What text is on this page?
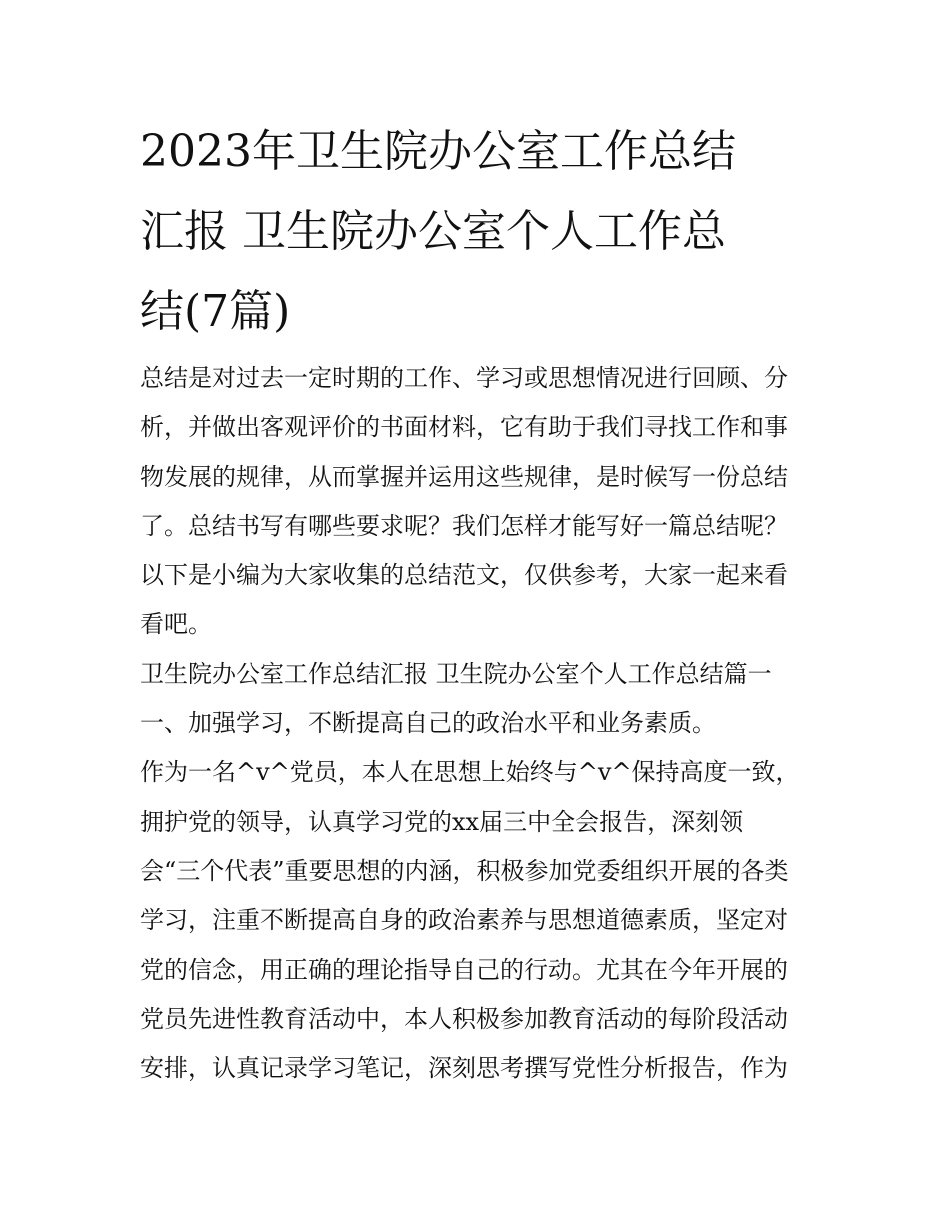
2023年卫生院办公室工作总结
汇报 卫生院办公室个人工作总
结(7篇)
总结是对过去一定时期的工作、学习或思想情况进行回顾、分
析，并做出客观评价的书面材料，它有助于我们寻找工作和事
物发展的规律，从而掌握并运用这些规律，是时候写一份总结
了。总结书写有哪些要求呢？我们怎样才能写好一篇总结呢？
以下是小编为大家收集的总结范文，仅供参考，大家一起来看
看吧。
卫生院办公室工作总结汇报 卫生院办公室个人工作总结篇一
一、加强学习，不断提高自己的政治水平和业务素质。
作为一名^v^党员，本人在思想上始终与^v^保持高度一致，
拥护党的领导，认真学习党的xx届三中全会报告，深刻领
会“三个代表”重要思想的内涵，积极参加党委组织开展的各类
学习，注重不断提高自身的政治素养与思想道德素质，坚定对
党的信念，用正确的理论指导自己的行动。尤其在今年开展的
党员先进性教育活动中，本人积极参加教育活动的每阶段活动
安排，认真记录学习笔记，深刻思考撰写党性分析报告，作为
